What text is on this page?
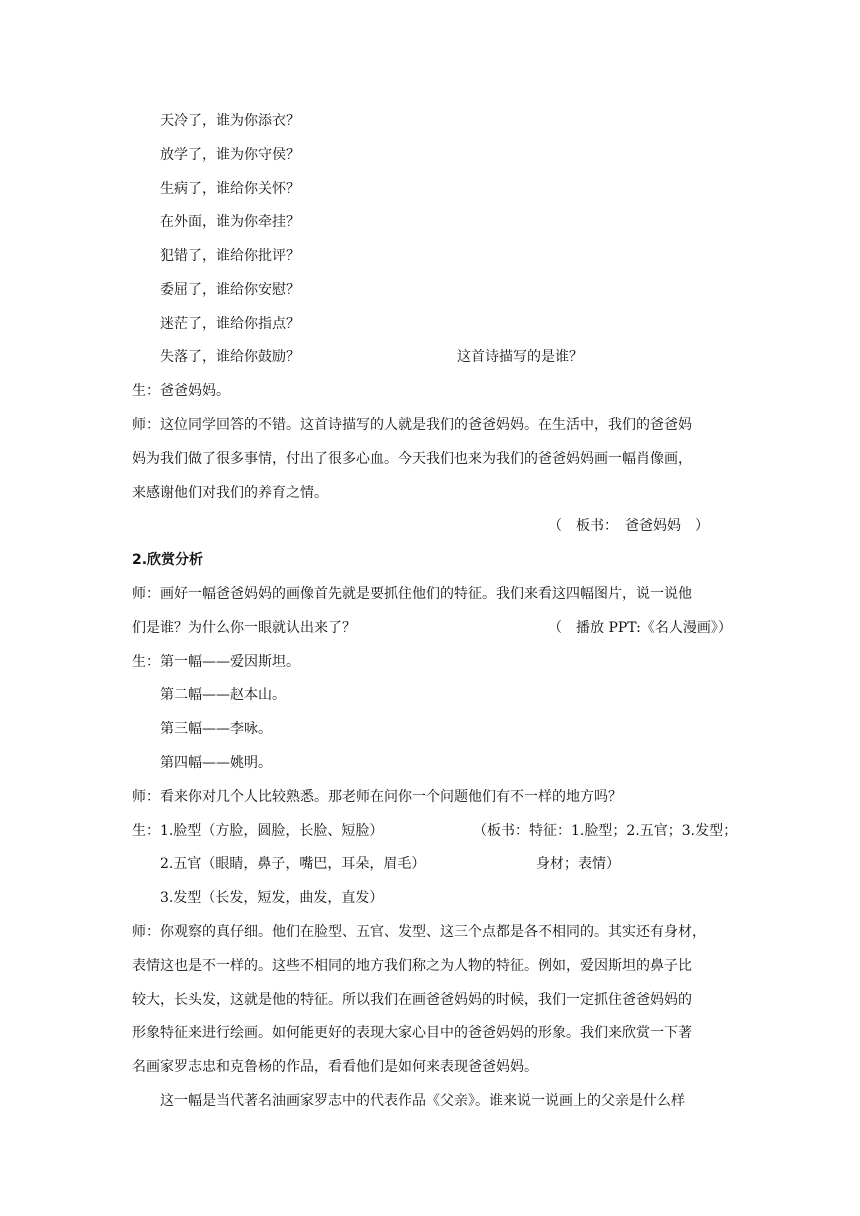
天冷了，谁为你添衣？
放学了，谁为你守侯？
生病了，谁给你关怀？
在外面，谁为你牵挂？
犯错了，谁给你批评？
委屈了，谁给你安慰？
迷茫了，谁给你指点？
失落了，谁给你鼓励？	这首诗描写的是谁？
生：爸爸妈妈。
师：这位同学回答的不错。这首诗描写的人就是我们的爸爸妈妈。在生活中，我们的爸爸妈
妈为我们做了很多事情，付出了很多心血。今天我们也来为我们的爸爸妈妈画一幅肖像画，
来感谢他们对我们的养育之情。
（　板书：　爸爸妈妈　）
2.欣赏分析
师：画好一幅爸爸妈妈的画像首先就是要抓住他们的特征。我们来看这四幅图片，说一说他
们是谁？为什么你一眼就认出来了？	（　播放 PPT:《名人漫画》）
生：第一幅——爱因斯坦。
第二幅——赵本山。
第三幅——李咏。
第四幅——姚明。
师：看来你对几个人比较熟悉。那老师在问你一个问题他们有不一样的地方吗？
生：1.脸型（方脸，圆脸，长脸、短脸）	（板书：特征：1.脸型；2.五官；3.发型；
2.五官（眼睛，鼻子，嘴巴，耳朵，眉毛）	身材；表情）
3.发型（长发，短发，曲发，直发）
师：你观察的真仔细。他们在脸型、五官、发型、这三个点都是各不相同的。其实还有身材，
表情这也是不一样的。这些不相同的地方我们称之为人物的特征。例如，爱因斯坦的鼻子比
较大，长头发，这就是他的特征。所以我们在画爸爸妈妈的时候，我们一定抓住爸爸妈妈的
形象特征来进行绘画。如何能更好的表现大家心目中的爸爸妈妈的形象。我们来欣赏一下著
名画家罗志忠和克鲁杨的作品，看看他们是如何来表现爸爸妈妈。
这一幅是当代著名油画家罗志中的代表作品《父亲》。谁来说一说画上的父亲是什么样
